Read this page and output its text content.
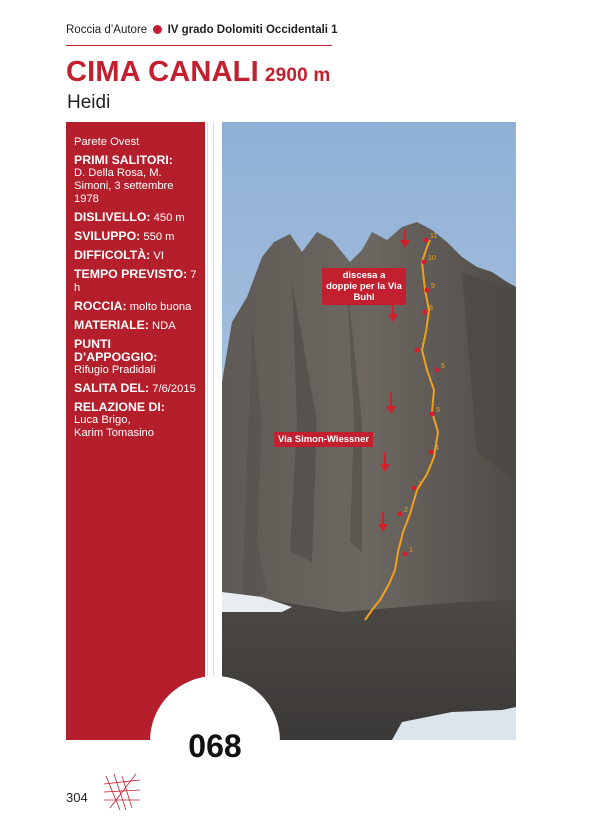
Roccia d’Autore IV grado Dolomiti Occidentali 1
CIMA CANALI 2900 m
Heidi
Parete Ovest
PRIMI SALITORI:
D. Della Rosa, M. Simoni, 3 settembre 1978
DISLIVELLO: 450 m
SVILUPPO: 550 m
DIFFICOLTÀ: VI
TEMPO PREVISTO: 7 h
ROCCIA: molto buona
MATERIALE: NDA
PUNTI D’APPOGGIO:
Rifugio Pradidali
SALITA DEL: 7/6/2015
RELAZIONE DI:
Luca Brigo,
Karim Tomasino
1
2
3
4
5
6
7
8
9
10
11
discesa a doppie per la Via Buhl
Via Simon-Wiessner
068
304
